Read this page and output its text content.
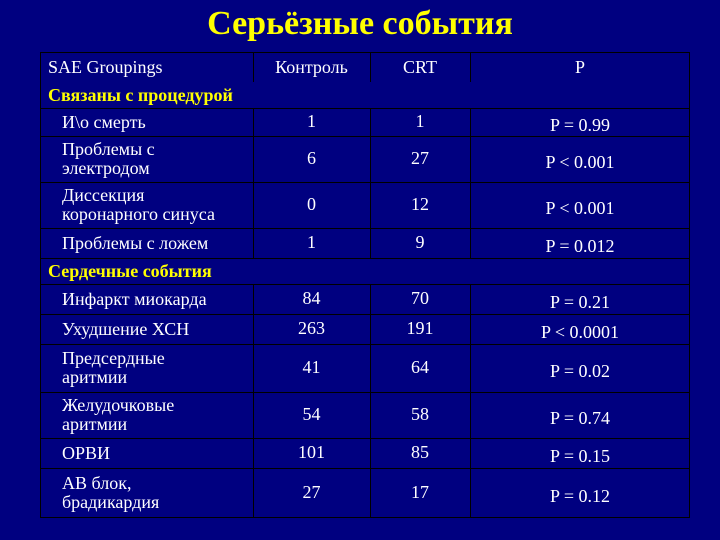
Серьёзные события
SAE Groupings	Контроль	CRT	P
Связаны с процедурой
И\о смерть	1	1	P = 0.99
Проблемы с
электродом	6	27	P < 0.001
Диссекция
коронарного синуса	0	12	P < 0.001
Проблемы с ложем	1	9	P = 0.012
Сердечные события
Инфаркт миокарда	84	70	P = 0.21
Ухудшение ХСН	263	191	P < 0.0001
Предсердные
аритмии	41	64	P = 0.02
Желудочковые
аритмии	54	58	P = 0.74
ОРВИ	101	85	P = 0.15
АВ блок,
брадикардия	27	17	P = 0.12
